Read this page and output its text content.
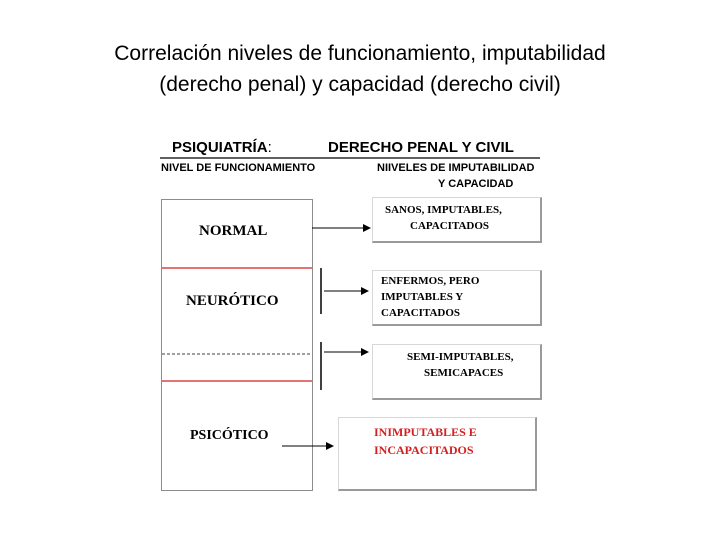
Correlación niveles de funcionamiento, imputabilidad
(derecho penal) y capacidad (derecho civil)
PSIQUIATRÍA:	DERECHO PENAL Y CIVIL
NIVEL DE FUNCIONAMIENTO	NIIVELES DE IMPUTABILIDAD
Y CAPACIDAD
NORMAL
NEURÓTICO
PSICÓTICO
SANOS, IMPUTABLES,
CAPACITADOS
ENFERMOS, PERO
IMPUTABLES Y
CAPACITADOS
SEMI-IMPUTABLES,
SEMICAPACES
INIMPUTABLES E
INCAPACITADOS
